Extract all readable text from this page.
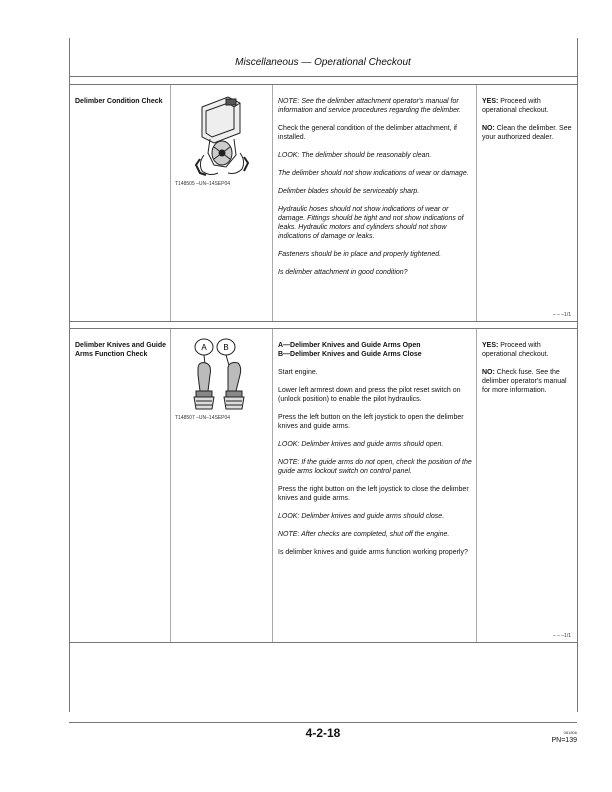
Miscellaneous — Operational Checkout
Delimber Condition Check
T148505 –UN–14SEP04

NOTE: See the delimber attachment operator's manual for information and service procedures regarding the delimber.

Check the general condition of the delimber attachment, if installed.

LOOK: The delimber should be reasonably clean.

The delimber should not show indications of wear or damage.

Delimber blades should be serviceably sharp.

Hydraulic hoses should not show indications of wear or damage. Fittings should be tight and not show indications of leaks. Hydraulic motors and cylinders should not show indications of damage or leaks.

Fasteners should be in place and properly tightened.

Is delimber attachment in good condition?

YES: Proceed with operational checkout.

NO: Clean the delimber. See your authorized dealer.

– – –1/1
Delimber Knives and Guide Arms Function Check
A B
T148507 –UN–14SEP04

A—Delimber Knives and Guide Arms Open

B—Delimber Knives and Guide Arms Close

Start engine.

Lower left armrest down and press the pilot reset switch on (unlock position) to enable the pilot hydraulics.

Press the left button on the left joystick to open the delimber knives and guide arms.

LOOK: Delimber knives and guide arms should open.

NOTE: If the guide arms do not open, check the position of the guide arms lockout switch on control panel.

Press the right button on the left joystick to close the delimber knives and guide arms.

LOOK: Delimber knives and guide arms should close.

NOTE: After checks are completed, shut off the engine.

Is delimber knives and guide arms function working properly?

YES: Proceed with operational checkout.

NO: Check fuse. See the delimber operator's manual for more information.

– – –1/1
4-2-18	081806
PN=139
